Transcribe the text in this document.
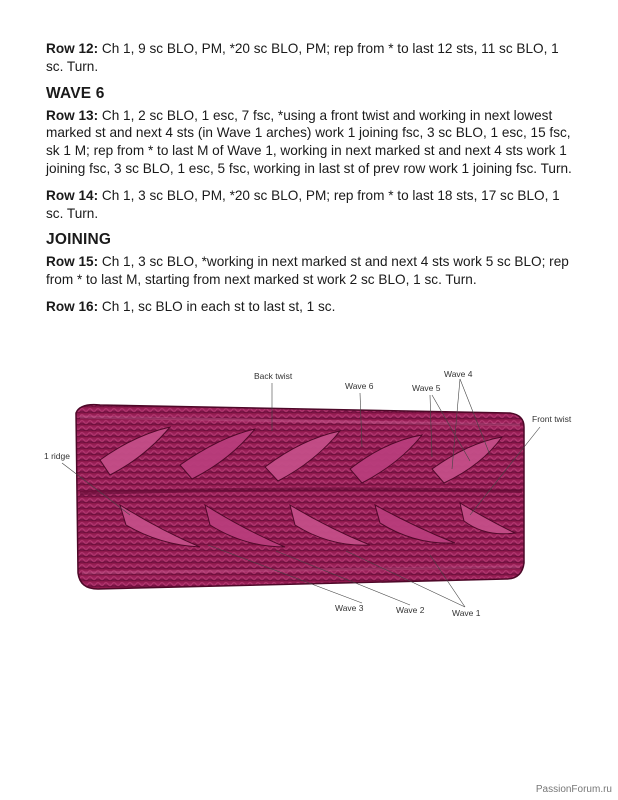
Row 12: Ch 1, 9 sc BLO, PM, *20 sc BLO, PM; rep from * to last 12 sts, 11 sc BLO, 1 sc. Turn.

WAVE 6

Row 13: Ch 1, 2 sc BLO, 1 esc, 7 fsc, *using a front twist and working in next lowest marked st and next 4 sts (in Wave 1 arches) work 1 joining fsc, 3 sc BLO, 1 esc, 15 fsc, sk 1 M; rep from * to last M of Wave 1, working in next marked st and next 4 sts work 1 joining fsc, 3 sc BLO, 1 esc, 5 fsc, working in last st of prev row work 1 joining fsc. Turn.

Row 14: Ch 1, 3 sc BLO, PM, *20 sc BLO, PM; rep from * to last 18 sts, 17 sc BLO, 1 sc. Turn.

JOINING

Row 15: Ch 1, 3 sc BLO, *working in next marked st and next 4 sts work 5 sc BLO; rep from * to last M, starting from next marked st work 2 sc BLO, 1 sc. Turn.

Row 16: Ch 1, sc BLO in each st to last st, 1 sc.

Back twist
Wave 6	Wave 5
Wave 4
Front twist
1 ridge
Wave 3	Wave 2	Wave 1
PassionForum.ru
